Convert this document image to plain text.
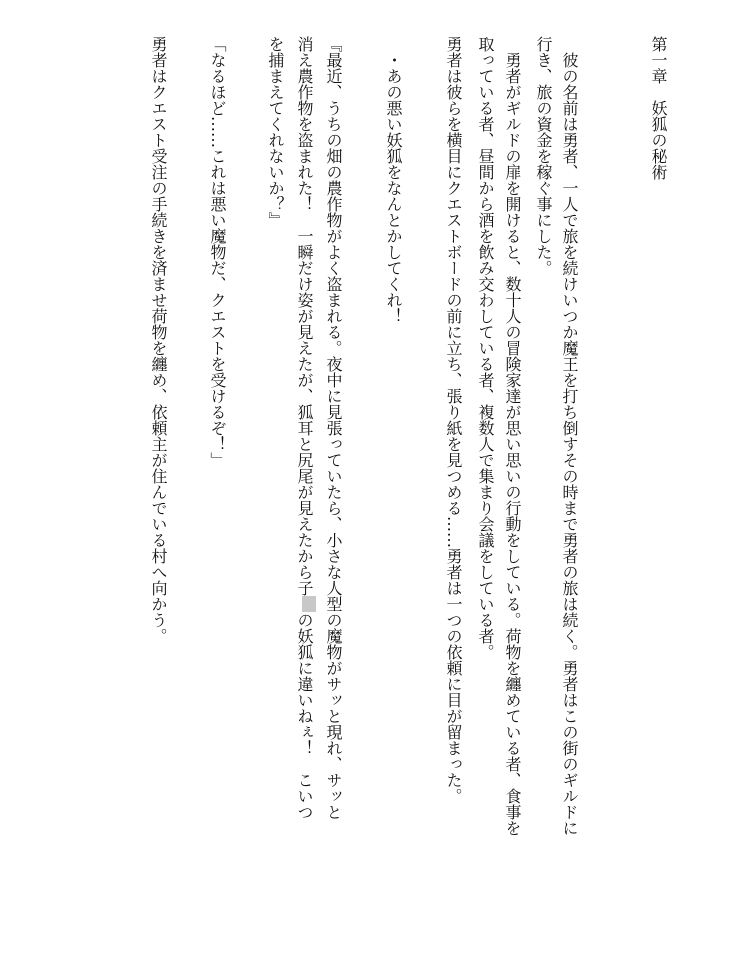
第一章　妖狐の秘術
彼の名前は勇者、一人で旅を続けいつか魔王を打ち倒すその時まで勇者の旅は続く。勇者はこの街のギルドに
行き、旅の資金を稼ぐ事にした。
勇者がギルドの扉を開けると、数十人の冒険家達が思い思いの行動をしている。荷物を纏めている者、食事を
取っている者、昼間から酒を飲み交わしている者、複数人で集まり会議をしている者。
勇者は彼らを横目にクエストボードの前に立ち、張り紙を見つめる……勇者は一つの依頼に目が留まった。
・あの悪い妖狐をなんとかしてくれ！
『最近、うちの畑の農作物がよく盗まれる。夜中に見張っていたら、小さな人型の魔物がサッと現れ、サッと
消え農作物を盗まれた！　一瞬だけ姿が見えたが、狐耳と尻尾が見えたから子の妖狐に違いねぇ！　こいつ
を捕まえてくれないか？』
「なるほど……これは悪い魔物だ、クエストを受けるぞ！」
勇者はクエスト受注の手続きを済ませ荷物を纏め、依頼主が住んでいる村へ向かう。
